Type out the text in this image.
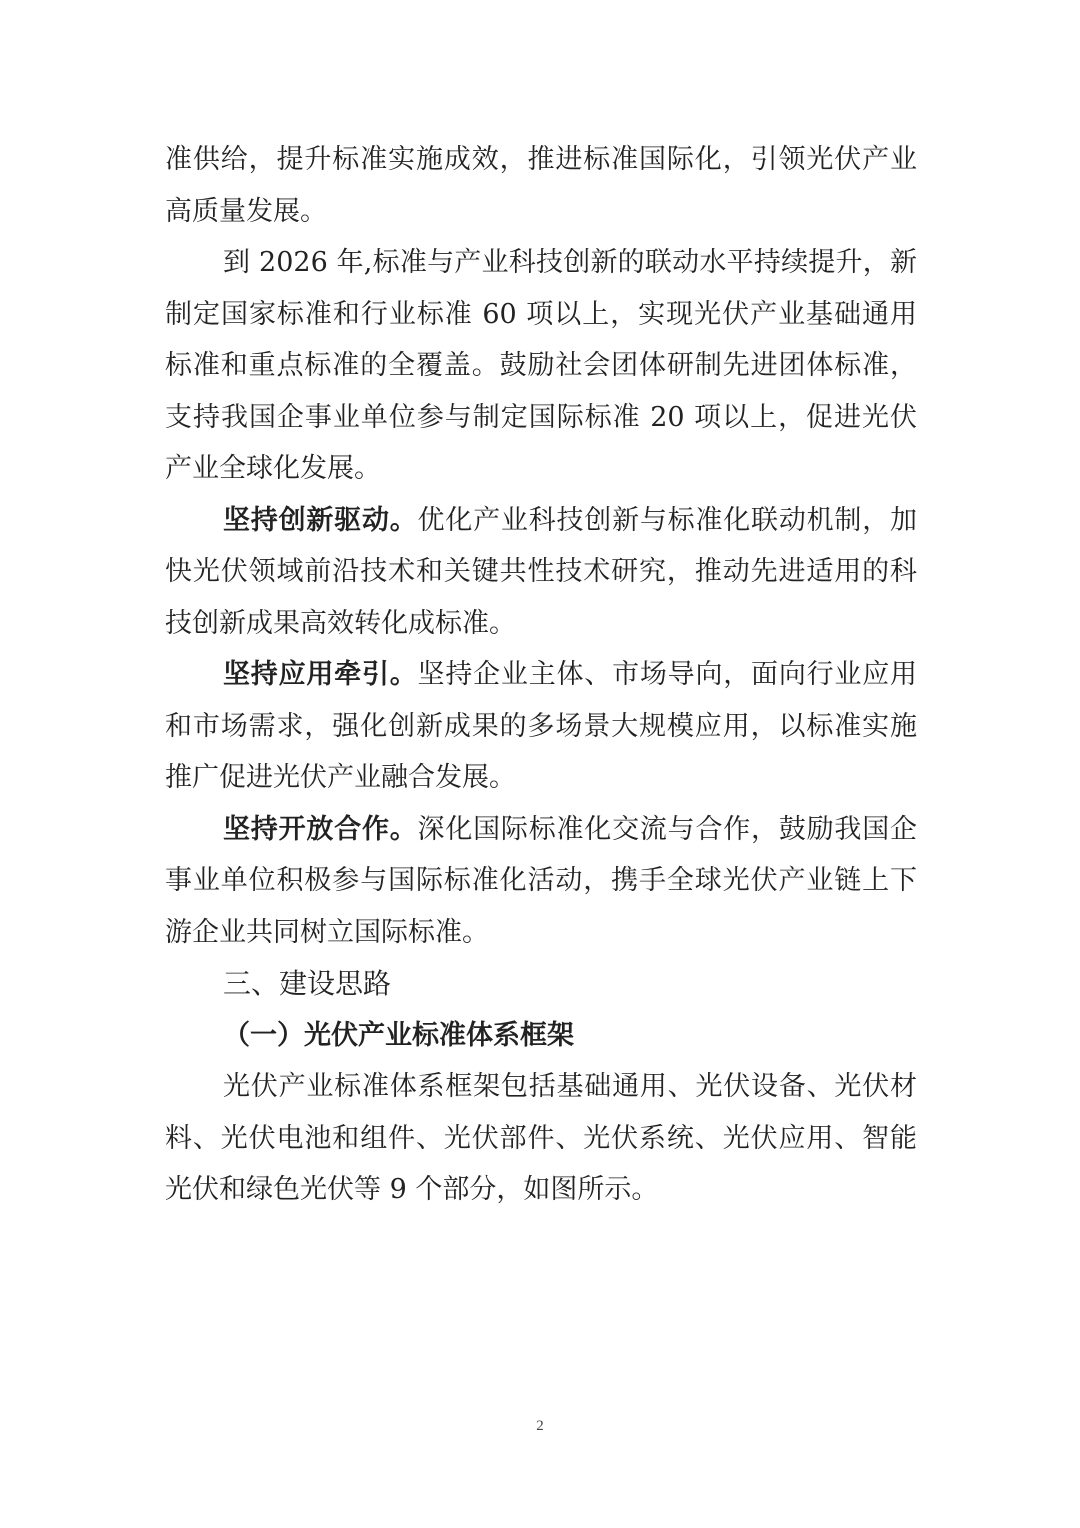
准供给，提升标准实施成效，推进标准国际化，引领光伏产业高质量发展。

到 2026 年,标准与产业科技创新的联动水平持续提升，新制定国家标准和行业标准 60 项以上，实现光伏产业基础通用标准和重点标准的全覆盖。鼓励社会团体研制先进团体标准，支持我国企事业单位参与制定国际标准 20 项以上，促进光伏产业全球化发展。

坚持创新驱动。优化产业科技创新与标准化联动机制，加快光伏领域前沿技术和关键共性技术研究，推动先进适用的科技创新成果高效转化成标准。

坚持应用牵引。坚持企业主体、市场导向，面向行业应用和市场需求，强化创新成果的多场景大规模应用，以标准实施推广促进光伏产业融合发展。

坚持开放合作。深化国际标准化交流与合作，鼓励我国企事业单位积极参与国际标准化活动，携手全球光伏产业链上下游企业共同树立国际标准。

三、建设思路

（一）光伏产业标准体系框架

光伏产业标准体系框架包括基础通用、光伏设备、光伏材料、光伏电池和组件、光伏部件、光伏系统、光伏应用、智能光伏和绿色光伏等 9 个部分，如图所示。

2
